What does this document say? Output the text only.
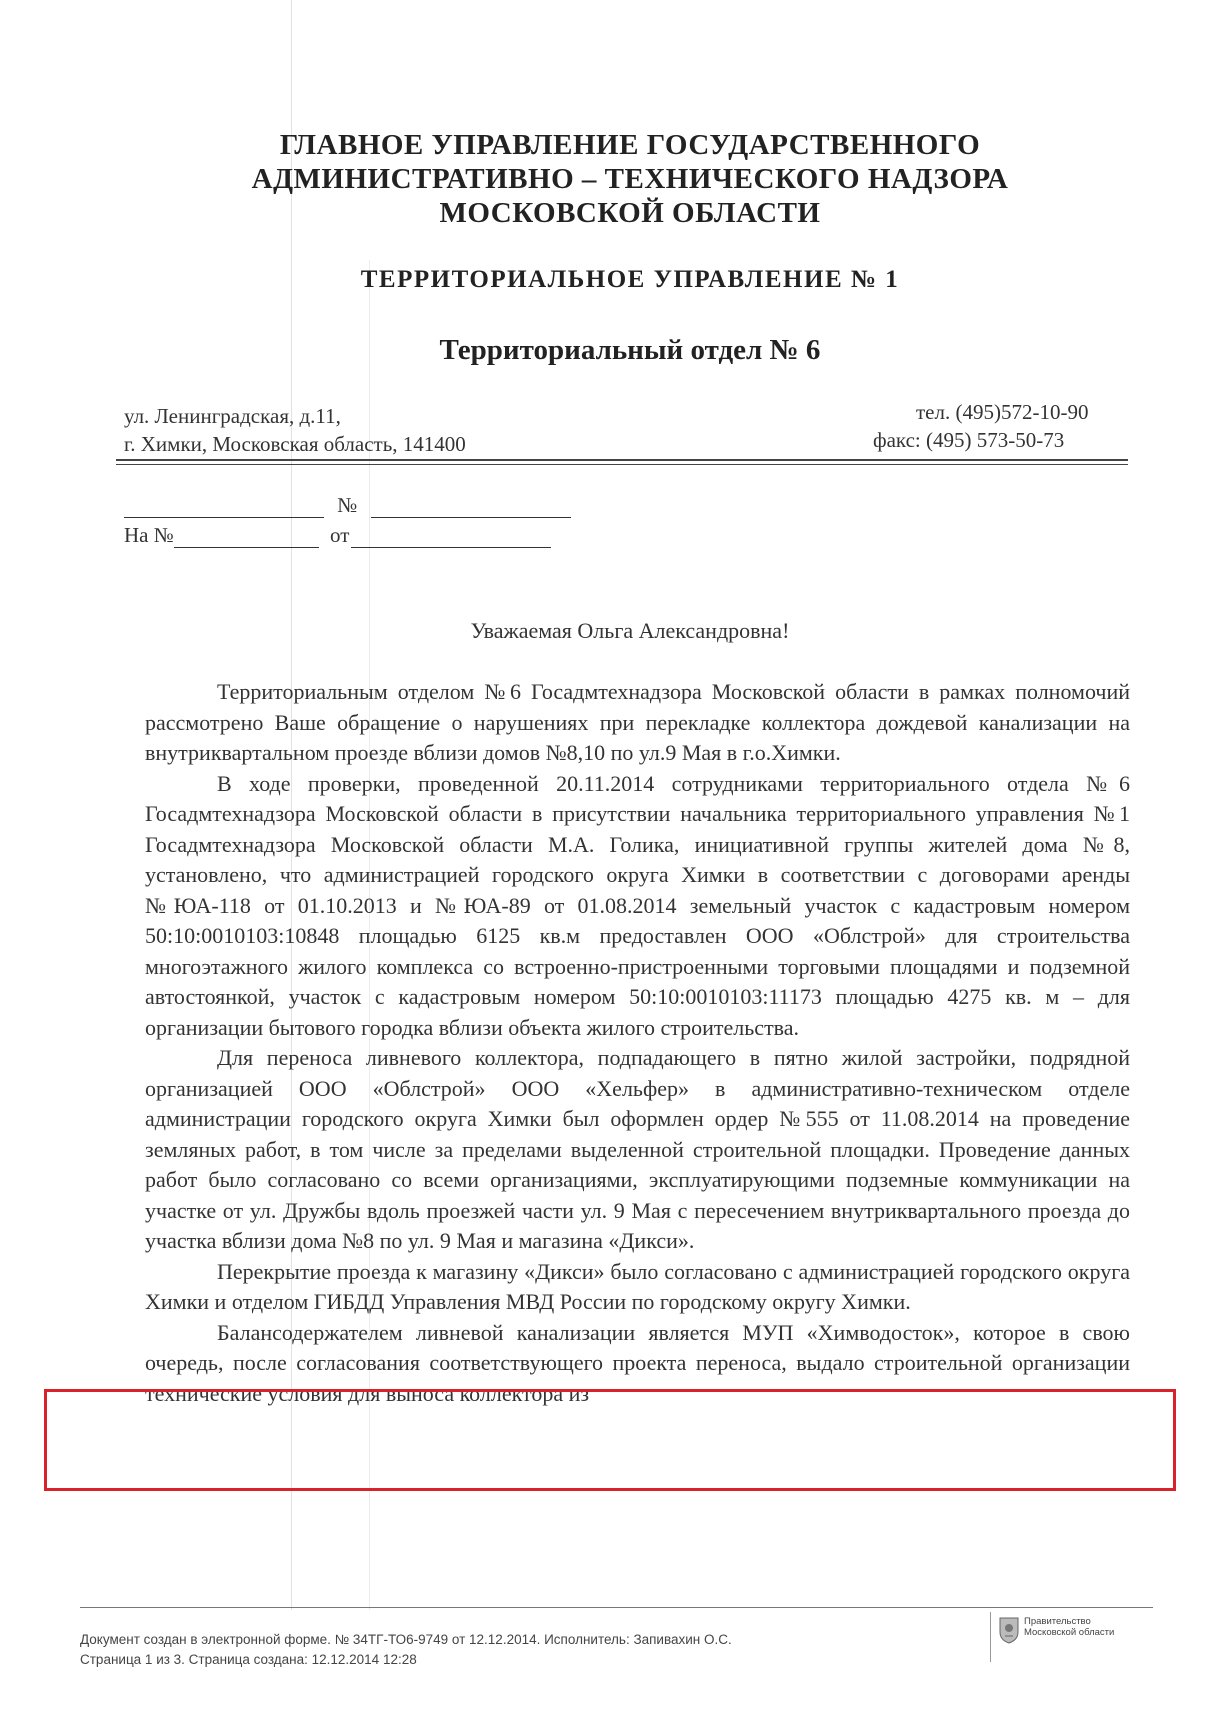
ГЛАВНОЕ УПРАВЛЕНИЕ ГОСУДАРСТВЕННОГО
АДМИНИСТРАТИВНО – ТЕХНИЧЕСКОГО НАДЗОРА
МОСКОВСКОЙ ОБЛАСТИ
ТЕРРИТОРИАЛЬНОЕ УПРАВЛЕНИЕ № 1
Территориальный отдел № 6
ул. Ленинградская, д.11,
г. Химки, Московская область, 141400
тел. (495)572-10-90
факс: (495) 573-50-73
№
На №	от
Уважаемая Ольга Александровна!

Территориальным отделом №6 Госадмтехнадзора Московской области в рамках полномочий рассмотрено Ваше обращение о нарушениях при перекладке коллектора дождевой канализации на внутриквартальном проезде вблизи домов №8,10 по ул.9 Мая в г.о.Химки.

В ходе проверки, проведенной 20.11.2014 сотрудниками территориального отдела №6 Госадмтехнадзора Московской области в присутствии начальника территориального управления №1 Госадмтехнадзора Московской области М.А. Голика, инициативной группы жителей дома №8, установлено, что администрацией городского округа Химки в соответствии с договорами аренды №ЮА-118 от 01.10.2013 и №ЮА-89 от 01.08.2014 земельный участок с кадастровым номером 50:10:0010103:10848 площадью 6125 кв.м предоставлен ООО «Облстрой» для строительства многоэтажного жилого комплекса со встроенно-пристроенными торговыми площадями и подземной автостоянкой, участок с кадастровым номером 50:10:0010103:11173 площадью 4275 кв. м – для организации бытового городка вблизи объекта жилого строительства.

Для переноса ливневого коллектора, подпадающего в пятно жилой застройки, подрядной организацией ООО «Облстрой» ООО «Хельфер» в административно-техническом отделе администрации городского округа Химки был оформлен ордер №555 от 11.08.2014 на проведение земляных работ, в том числе за пределами выделенной строительной площадки. Проведение данных работ было согласовано со всеми организациями, эксплуатирующими подземные коммуникации на участке от ул. Дружбы вдоль проезжей части ул. 9 Мая с пересечением внутриквартального проезда до участка вблизи дома №8 по ул. 9 Мая и магазина «Дикси».

Перекрытие проезда к магазину «Дикси» было согласовано с администрацией городского округа Химки и отделом ГИБДД Управления МВД России по городскому округу Химки.

Балансодержателем ливневой канализации является МУП «Химводосток», которое в свою очередь, после согласования соответствующего проекта переноса, выдало строительной организации технические условия для выноса коллектора из

Документ создан в электронной форме. № 34ТГ-ТО6-9749 от 12.12.2014. Исполнитель: Запивахин О.С.
Страница 1 из 3. Страница создана: 12.12.2014 12:28
Правительство
Московской области
